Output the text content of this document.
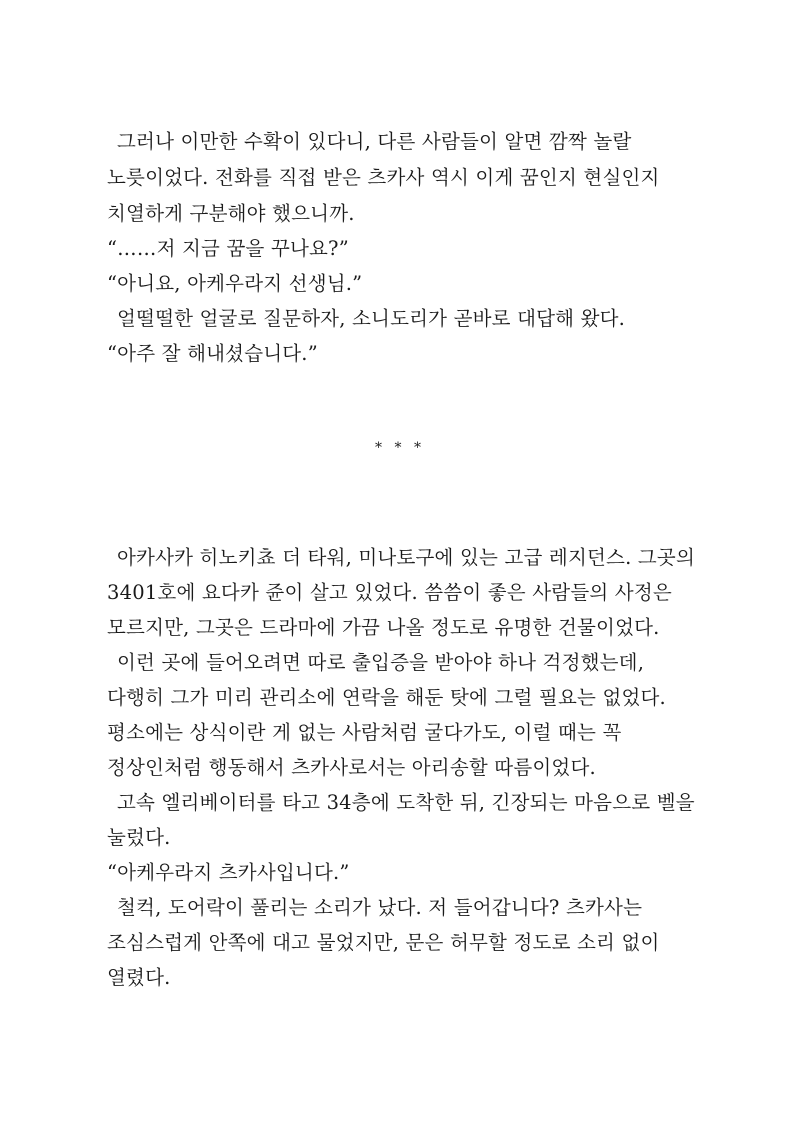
그러나 이만한 수확이 있다니, 다른 사람들이 알면 깜짝 놀랄
노릇이었다. 전화를 직접 받은 츠카사 역시 이게 꿈인지 현실인지
치열하게 구분해야 했으니까.
“……저 지금 꿈을 꾸나요?”
“아니요, 아케우라지 선생님.”
얼떨떨한 얼굴로 질문하자, 소니도리가 곧바로 대답해 왔다.
“아주 잘 해내셨습니다.”
* * *
아카사카 히노키쵸 더 타워, 미나토구에 있는 고급 레지던스. 그곳의
3401호에 요다카 쥰이 살고 있었다. 씀씀이 좋은 사람들의 사정은
모르지만, 그곳은 드라마에 가끔 나올 정도로 유명한 건물이었다.
이런 곳에 들어오려면 따로 출입증을 받아야 하나 걱정했는데,
다행히 그가 미리 관리소에 연락을 해둔 탓에 그럴 필요는 없었다.
평소에는 상식이란 게 없는 사람처럼 굴다가도, 이럴 때는 꼭
정상인처럼 행동해서 츠카사로서는 아리송할 따름이었다.
고속 엘리베이터를 타고 34층에 도착한 뒤, 긴장되는 마음으로 벨을
눌렀다.
“아케우라지 츠카사입니다.”
철컥, 도어락이 풀리는 소리가 났다. 저 들어갑니다? 츠카사는
조심스럽게 안쪽에 대고 물었지만, 문은 허무할 정도로 소리 없이
열렸다.
